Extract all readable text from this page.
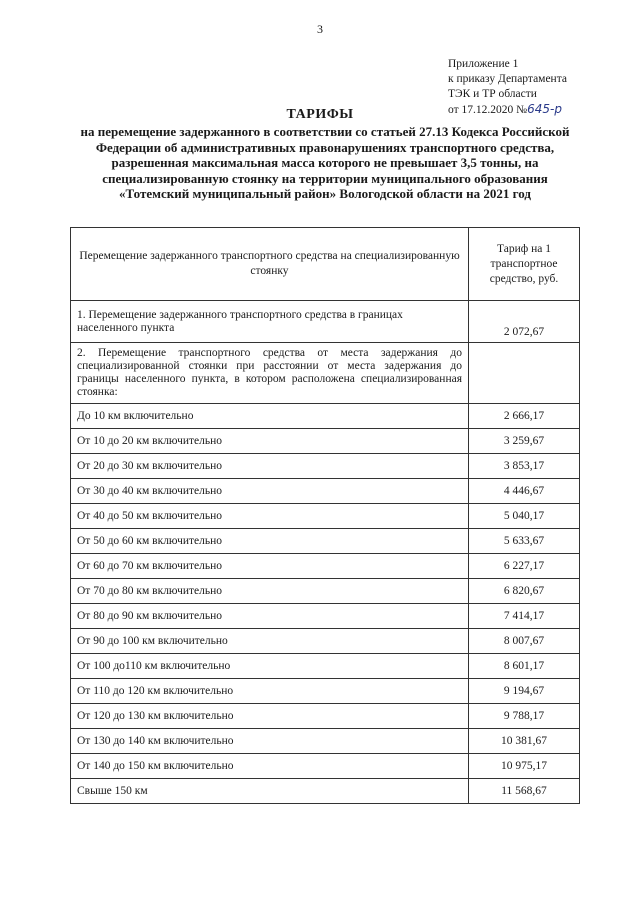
3
Приложение 1
к приказу Департамента
ТЭК и ТР области
от 17.12.2020 №645-р
ТАРИФЫ
на перемещение задержанного в соответствии со статьей 27.13 Кодекса Российской Федерации об административных правонарушениях транспортного средства, разрешенная максимальная масса которого не превышает 3,5 тонны, на специализированную стоянку на территории муниципального образования «Тотемский муниципальный район» Вологодской области на 2021 год
Перемещение задержанного транспортного средства на специализированную стоянку	Тариф на 1 транспортное средство, руб.
1. Перемещение задержанного транспортного средства в границах населенного пункта	2 072,67
2. Перемещение транспортного средства от места задержания до специализированной стоянки при расстоянии от места задержания до границы населенного пункта, в котором расположена специализированная стоянка:	
До 10 км включительно	2 666,17
От 10 до 20 км включительно	3 259,67
От 20 до 30 км включительно	3 853,17
От 30 до 40 км включительно	4 446,67
От 40 до 50 км включительно	5 040,17
От 50 до 60 км включительно	5 633,67
От 60 до 70 км включительно	6 227,17
От 70 до 80 км включительно	6 820,67
От 80 до 90 км включительно	7 414,17
От 90 до 100 км включительно	8 007,67
От 100 до110 км включительно	8 601,17
От 110 до 120 км включительно	9 194,67
От 120 до 130 км включительно	9 788,17
От 130 до 140 км включительно	10 381,67
От 140 до 150 км включительно	10 975,17
Свыше 150 км	11 568,67
